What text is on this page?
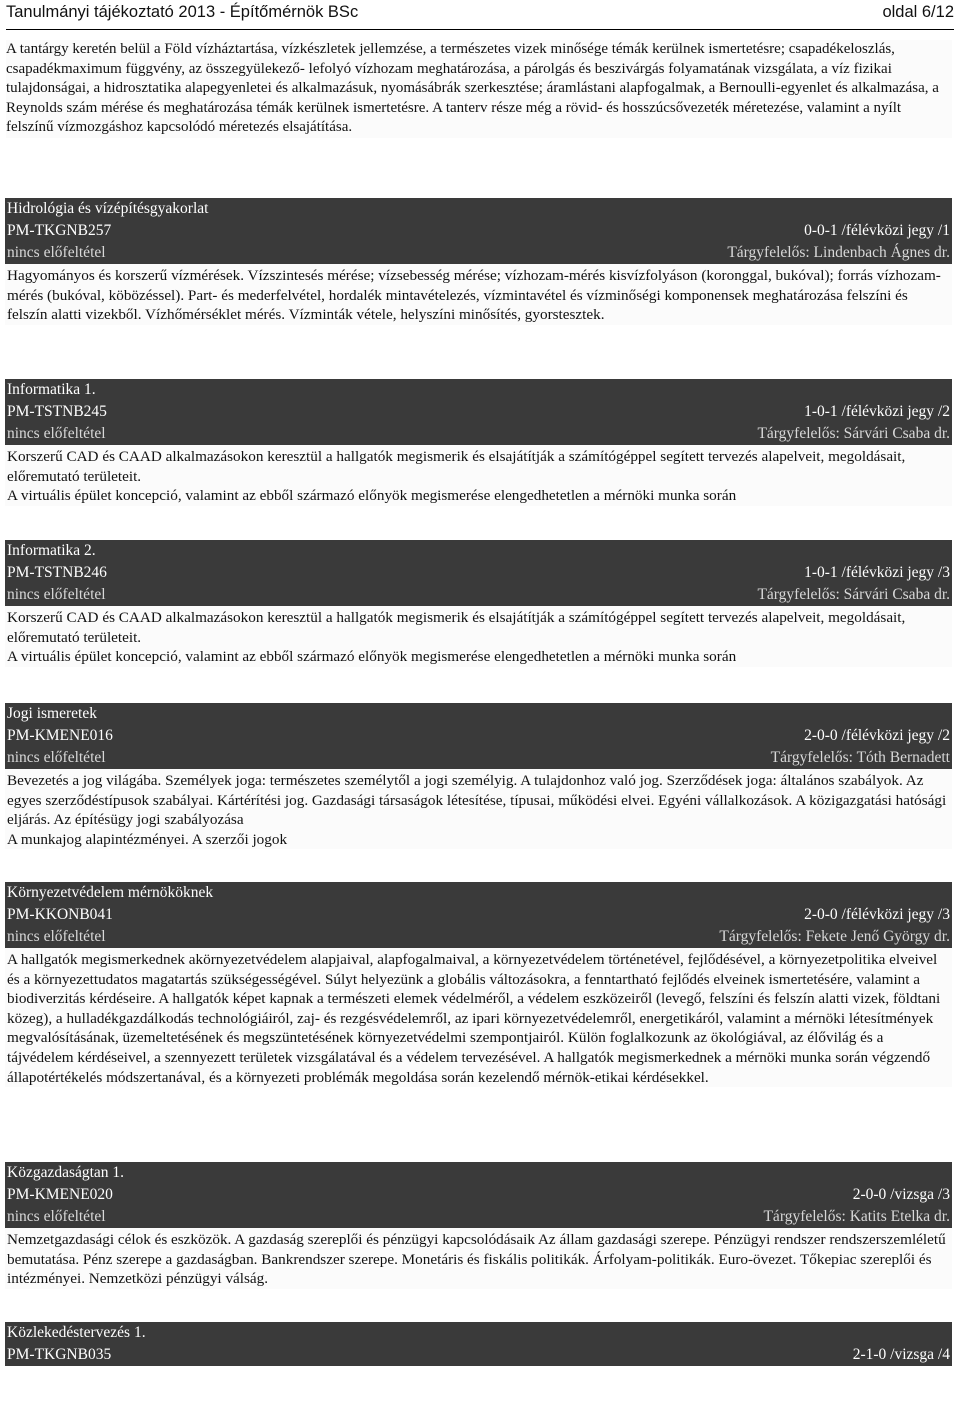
Tanulmányi tájékoztató 2013 - Építőmérnök BSc	oldal 6/12
A tantárgy keretén belül a Föld vízháztartása, vízkészletek jellemzése, a természetes vizek minősége témák kerülnek ismertetésre; csapadékeloszlás, csapadékmaximum függvény, az összegyülekező- lefolyó vízhozam meghatározása, a párolgás és beszivárgás folyamatának vizsgálata, a víz fizikai tulajdonságai, a hidrosztatika alapegyenletei és alkalmazásuk, nyomásábrák szerkesztése; áramlástani alapfogalmak, a Bernoulli-egyenlet és alkalmazása, a Reynolds szám mérése és meghatározása témák kerülnek ismertetésre. A tanterv része még a rövid- és hosszúcsővezeték méretezése, valamint a nyílt felszínű vízmozgáshoz kapcsolódó méretezés elsajátítása.
Hidrológia és vízépítésgyakorlat
PM-TKGNB257	0-0-1 /félévközi jegy /1
nincs előfeltétel	Tárgyfelelős: Lindenbach Ágnes dr.
Hagyományos és korszerű vízmérések. Vízszintesés mérése; vízsebesség mérése; vízhozam-mérés kisvízfolyáson (koronggal, bukóval); forrás vízhozam-mérés (bukóval, köbözéssel). Part- és mederfelvétel, hordalék mintavételezés, vízmintavétel és vízminőségi komponensek meghatározása felszíni és felszín alatti vizekből. Vízhőmérséklet mérés. Vízminták vétele, helyszíni minősítés, gyorstesztek.
Informatika 1.
PM-TSTNB245	1-0-1 /félévközi jegy /2
nincs előfeltétel	Tárgyfelelős: Sárvári Csaba dr.
Korszerű CAD és CAAD alkalmazásokon keresztül a hallgatók megismerik és elsajátítják a számítógéppel segített tervezés alapelveit, megoldásait, előremutató területeit.
A virtuális épület koncepció, valamint az ebből származó előnyök megismerése elengedhetetlen a mérnöki munka során
Informatika 2.
PM-TSTNB246	1-0-1 /félévközi jegy /3
nincs előfeltétel	Tárgyfelelős: Sárvári Csaba dr.
Korszerű CAD és CAAD alkalmazásokon keresztül a hallgatók megismerik és elsajátítják a számítógéppel segített tervezés alapelveit, megoldásait, előremutató területeit.
A virtuális épület koncepció, valamint az ebből származó előnyök megismerése elengedhetetlen a mérnöki munka során
Jogi ismeretek
PM-KMENE016	2-0-0 /félévközi jegy /2
nincs előfeltétel	Tárgyfelelős: Tóth Bernadett
Bevezetés a jog világába. Személyek joga: természetes személytől a jogi személyig. A tulajdonhoz való jog. Szerződések joga: általános szabályok. Az egyes szerződéstípusok szabályai. Kártérítési jog. Gazdasági társaságok létesítése, típusai, működési elvei. Egyéni vállalkozások. A közigazgatási hatósági eljárás. Az építésügy jogi szabályozása
A munkajog alapintézményei. A szerzői jogok
Környezetvédelem mérnököknek
PM-KKONB041	2-0-0 /félévközi jegy /3
nincs előfeltétel	Tárgyfelelős: Fekete Jenő György dr.
A hallgatók megismerkednek akörnyezetvédelem alapjaival, alapfogalmaival, a környezetvédelem történetével, fejlődésével, a környezetpolitika elveivel és a környezettudatos magatartás szükségességével. Súlyt helyezünk a globális változásokra, a fenntartható fejlődés elveinek ismertetésére, valamint a biodiverzitás kérdéseire. A hallgatók képet kapnak a természeti elemek védelméről, a védelem eszközeiről (levegő, felszíni és felszín alatti vizek, földtani közeg), a hulladékgazdálkodás technológiáiról, zaj- és rezgésvédelemről, az ipari környezetvédelemről, energetikáról, valamint a mérnöki létesítmények megvalósításának, üzemeltetésének és megszüntetésének környezetvédelmi szempontjairól. Külön foglalkozunk az ökológiával, az élővilág és a tájvédelem kérdéseivel, a szennyezett területek vizsgálatával és a védelem tervezésével. A hallgatók megismerkednek a mérnöki munka során végzendő állapotértékelés módszertanával, és a környezeti problémák megoldása során kezelendő mérnök-etikai kérdésekkel.
Közgazdaságtan 1.
PM-KMENE020	2-0-0 /vizsga /3
nincs előfeltétel	Tárgyfelelős: Katits Etelka dr.
Nemzetgazdasági célok és eszközök. A gazdaság szereplői és pénzügyi kapcsolódásaik Az állam gazdasági szerepe. Pénzügyi rendszer rendszerszemléletű bemutatása. Pénz szerepe a gazdaságban. Bankrendszer szerepe. Monetáris és fiskális politikák. Árfolyam-politikák. Euro-övezet. Tőkepiac szereplői és intézményei. Nemzetközi pénzügyi válság.
Közlekedéstervezés 1.
PM-TKGNB035	2-1-0 /vizsga /4
